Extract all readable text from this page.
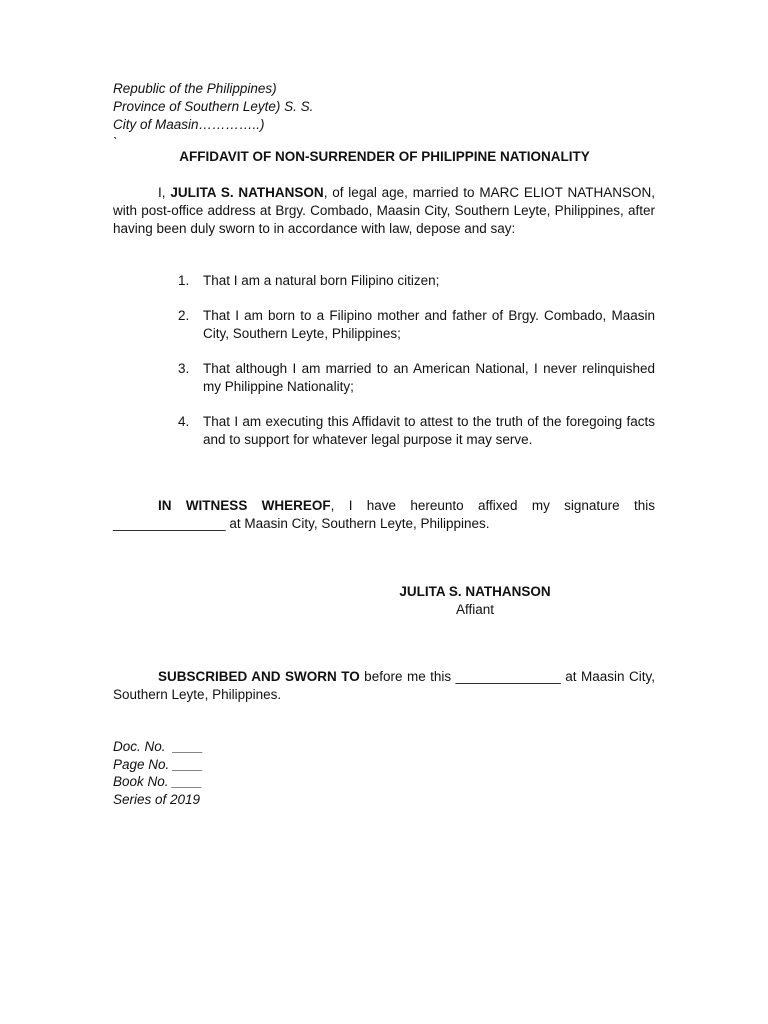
Republic of the Philippines)
Province of Southern Leyte) S. S.
City of Maasin…………..)
`
AFFIDAVIT OF NON-SURRENDER OF PHILIPPINE NATIONALITY
I, JULITA S. NATHANSON, of legal age, married to MARC ELIOT NATHANSON, with post-office address at Brgy. Combado, Maasin City, Southern Leyte, Philippines, after having been duly sworn to in accordance with law, depose and say:
1.	That I am a natural born Filipino citizen;
2.	That I am born to a Filipino mother and father of Brgy. Combado, Maasin City, Southern Leyte, Philippines;
3.	That although I am married to an American National, I never relinquished my Philippine Nationality;
4.	That I am executing this Affidavit to attest to the truth of the foregoing facts and to support for whatever legal purpose it may serve.
IN WITNESS WHEREOF, I have hereunto affixed my signature this _______________ at Maasin City, Southern Leyte, Philippines.
JULITA S. NATHANSON
Affiant
SUBSCRIBED AND SWORN TO before me this ______________ at Maasin City, Southern Leyte, Philippines.
Doc. No.  ____
Page No. ____
Book No. ____
Series of 2019
